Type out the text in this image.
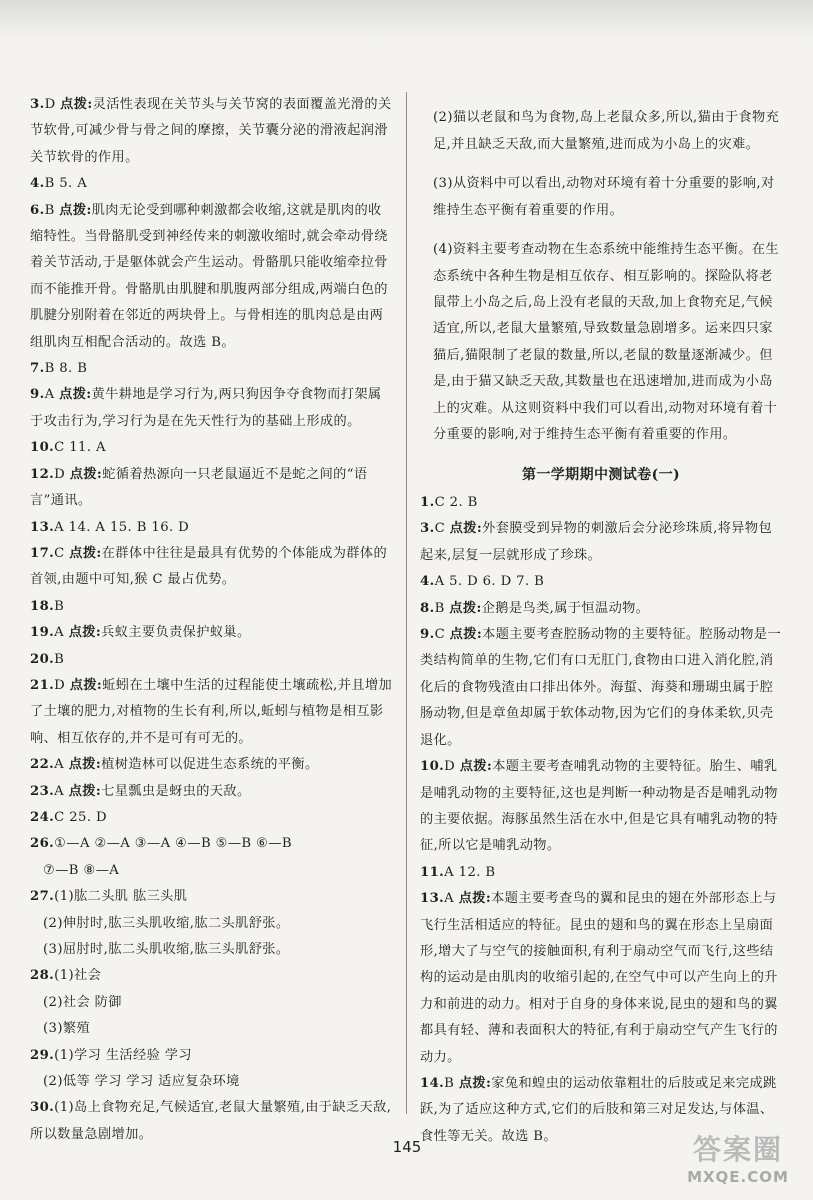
3.D 点拨:灵活性表现在关节头与关节窝的表面覆盖光滑的关节软骨,可减少骨与骨之间的摩擦，关节囊分泌的滑液起润滑关节软骨的作用。

4.B 5. A

6.B 点拨:肌肉无论受到哪种刺激都会收缩,这就是肌肉的收缩特性。当骨骼肌受到神经传来的刺激收缩时,就会牵动骨绕着关节活动,于是躯体就会产生运动。骨骼肌只能收缩牵拉骨而不能推开骨。骨骼肌由肌腱和肌腹两部分组成,两端白色的肌腱分别附着在邻近的两块骨上。与骨相连的肌肉总是由两组肌肉互相配合活动的。故选 B。

7.B 8. B

9.A 点拨:黄牛耕地是学习行为,两只狗因争夺食物而打架属于攻击行为,学习行为是在先天性行为的基础上形成的。

10.C 11. A

12.D 点拨:蛇循着热源向一只老鼠逼近不是蛇之间的“语言”通讯。

13.A 14. A 15. B 16. D

17.C 点拨:在群体中往往是最具有优势的个体能成为群体的首领,由题中可知,猴 C 最占优势。

18.B

19.A 点拨:兵蚁主要负责保护蚁巢。

20.B

21.D 点拨:蚯蚓在土壤中生活的过程能使土壤疏松,并且增加了土壤的肥力,对植物的生长有利,所以,蚯蚓与植物是相互影响、相互依存的,并不是可有可无的。

22.A 点拨:植树造林可以促进生态系统的平衡。

23.A 点拨:七星瓢虫是蚜虫的天敌。

24.C 25. D

26.①—A ②—A ③—A ④—B ⑤—B ⑥—B

⑦—B ⑧—A

27.(1)肱二头肌 肱三头肌

(2)伸肘时,肱三头肌收缩,肱二头肌舒张。

(3)屈肘时,肱二头肌收缩,肱三头肌舒张。

28.(1)社会

(2)社会 防御

(3)繁殖

29.(1)学习 生活经验 学习

(2)低等 学习 学习 适应复杂环境

30.(1)岛上食物充足,气候适宜,老鼠大量繁殖,由于缺乏天敌,所以数量急剧增加。

(2)猫以老鼠和鸟为食物,岛上老鼠众多,所以,猫由于食物充足,并且缺乏天敌,而大量繁殖,进而成为小岛上的灾难。

(3)从资料中可以看出,动物对环境有着十分重要的影响,对维持生态平衡有着重要的作用。

(4)资料主要考查动物在生态系统中能维持生态平衡。在生态系统中各种生物是相互依存、相互影响的。探险队将老鼠带上小岛之后,岛上没有老鼠的天敌,加上食物充足,气候适宜,所以,老鼠大量繁殖,导致数量急剧增多。运来四只家猫后,猫限制了老鼠的数量,所以,老鼠的数量逐渐减少。但是,由于猫又缺乏天敌,其数量也在迅速增加,进而成为小岛上的灾难。从这则资料中我们可以看出,动物对环境有着十分重要的影响,对于维持生态平衡有着重要的作用。

第一学期期中测试卷(一)

1.C 2. B

3.C 点拨:外套膜受到异物的刺激后会分泌珍珠质,将异物包起来,层复一层就形成了珍珠。

4.A 5. D 6. D 7. B

8.B 点拨:企鹅是鸟类,属于恒温动物。

9.C 点拨:本题主要考查腔肠动物的主要特征。腔肠动物是一类结构简单的生物,它们有口无肛门,食物由口进入消化腔,消化后的食物残渣由口排出体外。海蜇、海葵和珊瑚虫属于腔肠动物,但是章鱼却属于软体动物,因为它们的身体柔软,贝壳退化。

10.D 点拨:本题主要考查哺乳动物的主要特征。胎生、哺乳是哺乳动物的主要特征,这也是判断一种动物是否是哺乳动物的主要依据。海豚虽然生活在水中,但是它具有哺乳动物的特征,所以它是哺乳动物。

11.A 12. B

13.A 点拨:本题主要考查鸟的翼和昆虫的翅在外部形态上与飞行生活相适应的特征。昆虫的翅和鸟的翼在形态上呈扇面形,增大了与空气的接触面积,有利于扇动空气而飞行,这些结构的运动是由肌肉的收缩引起的,在空气中可以产生向上的升力和前进的动力。相对于自身的身体来说,昆虫的翅和鸟的翼都具有轻、薄和表面积大的特征,有利于扇动空气产生飞行的动力。

14.B 点拨:家兔和蝗虫的运动依靠粗壮的后肢或足来完成跳跃,为了适应这种方式,它们的后肢和第三对足发达,与体温、食性等无关。故选 B。

145	答案圈
MXQE.COM
